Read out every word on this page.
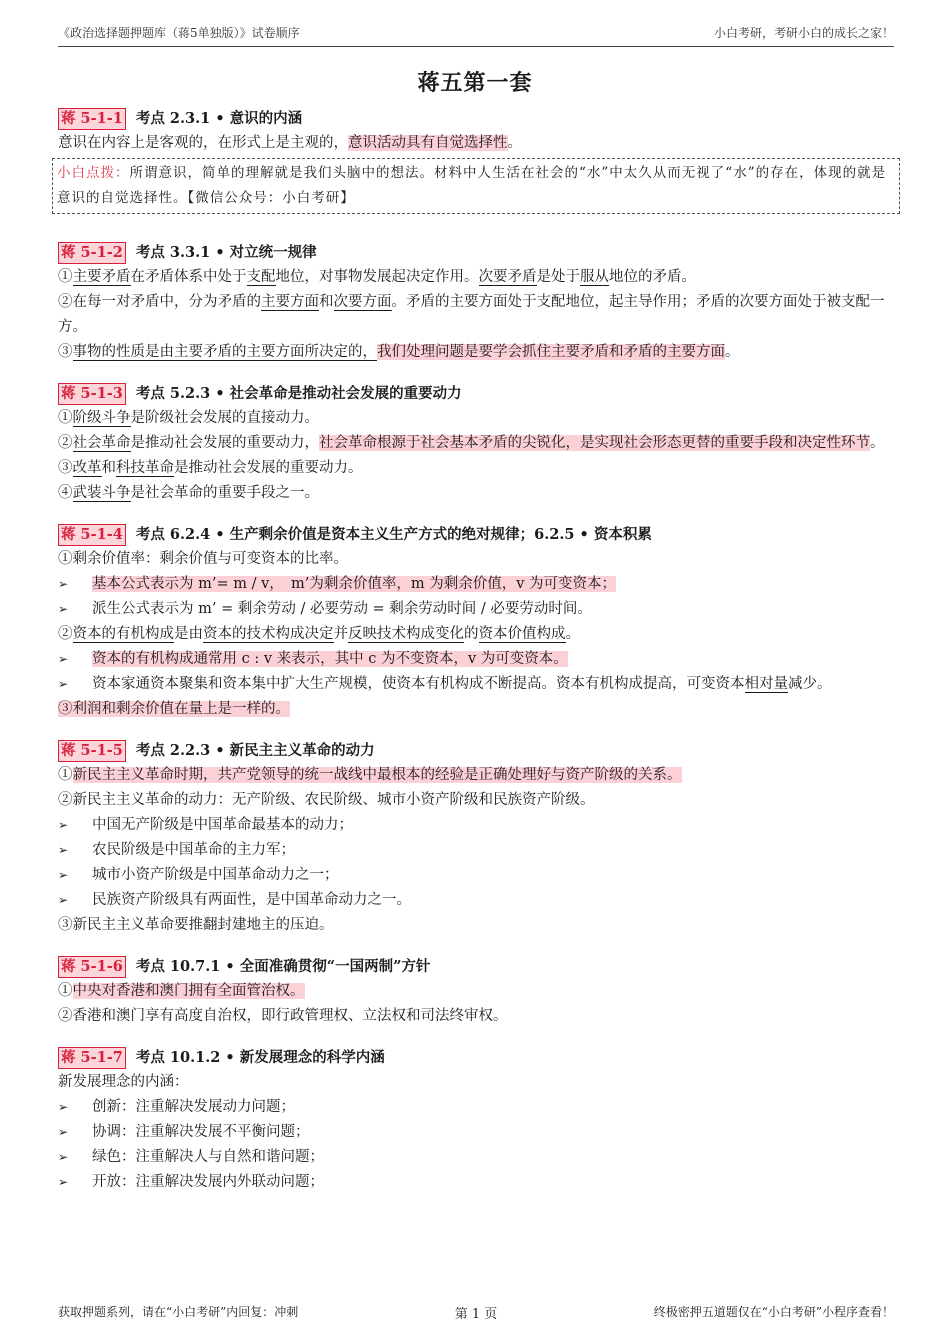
《政治选择题押题库（蒋5单独版）》试卷顺序	小白考研，考研小白的成长之家！
蒋五第一套
蒋 5-1-1 考点 2.3.1 • 意识的内涵
意识在内容上是客观的，在形式上是主观的，意识活动具有自觉选择性。
小白点拨：所谓意识，简单的理解就是我们头脑中的想法。材料中人生活在社会的“水”中太久从而无视了“水”的存在，体现的就是意识的自觉选择性。【微信公众号：小白考研】
蒋 5-1-2 考点 3.3.1 • 对立统一规律
①主要矛盾在矛盾体系中处于支配地位，对事物发展起决定作用。次要矛盾是处于服从地位的矛盾。
②在每一对矛盾中，分为矛盾的主要方面和次要方面。矛盾的主要方面处于支配地位，起主导作用；矛盾的次要方面处于被支配一方。
③事物的性质是由主要矛盾的主要方面所决定的，我们处理问题是要学会抓住主要矛盾和矛盾的主要方面。
蒋 5-1-3 考点 5.2.3 • 社会革命是推动社会发展的重要动力
①阶级斗争是阶级社会发展的直接动力。
②社会革命是推动社会发展的重要动力，社会革命根源于社会基本矛盾的尖锐化，是实现社会形态更替的重要手段和决定性环节。
③改革和科技革命是推动社会发展的重要动力。
④武装斗争是社会革命的重要手段之一。
蒋 5-1-4 考点 6.2.4 • 生产剩余价值是资本主义生产方式的绝对规律；6.2.5 • 资本积累
①剩余价值率：剩余价值与可变资本的比率。
➢	基本公式表示为 m’= m / v，　m’为剩余价值率，m 为剩余价值，v 为可变资本；
➢	派生公式表示为 m’ = 剩余劳动 / 必要劳动 = 剩余劳动时间 / 必要劳动时间。
②资本的有机构成是由资本的技术构成决定并反映技术构成变化的资本价值构成。
➢	资本的有机构成通常用 c : v 来表示，其中 c 为不变资本，v 为可变资本。
➢	资本家通资本聚集和资本集中扩大生产规模，使资本有机构成不断提高。资本有机构成提高，可变资本相对量减少。
③利润和剩余价值在量上是一样的。
蒋 5-1-5 考点 2.2.3 • 新民主主义革命的动力
①新民主主义革命时期，共产党领导的统一战线中最根本的经验是正确处理好与资产阶级的关系。
②新民主主义革命的动力：无产阶级、农民阶级、城市小资产阶级和民族资产阶级。
➢	中国无产阶级是中国革命最基本的动力；
➢	农民阶级是中国革命的主力军；
➢	城市小资产阶级是中国革命动力之一；
➢	民族资产阶级具有两面性，是中国革命动力之一。
③新民主主义革命要推翻封建地主的压迫。
蒋 5-1-6 考点 10.7.1 • 全面准确贯彻“一国两制”方针
①中央对香港和澳门拥有全面管治权。
②香港和澳门享有高度自治权，即行政管理权、立法权和司法终审权。
蒋 5-1-7 考点 10.1.2 • 新发展理念的科学内涵
新发展理念的内涵：
➢	创新：注重解决发展动力问题；
➢	协调：注重解决发展不平衡问题；
➢	绿色：注重解决人与自然和谐问题；
➢	开放：注重解决发展内外联动问题；
获取押题系列，请在“小白考研”内回复：冲刺	第 1 页	终极密押五道题仅在“小白考研”小程序查看！
